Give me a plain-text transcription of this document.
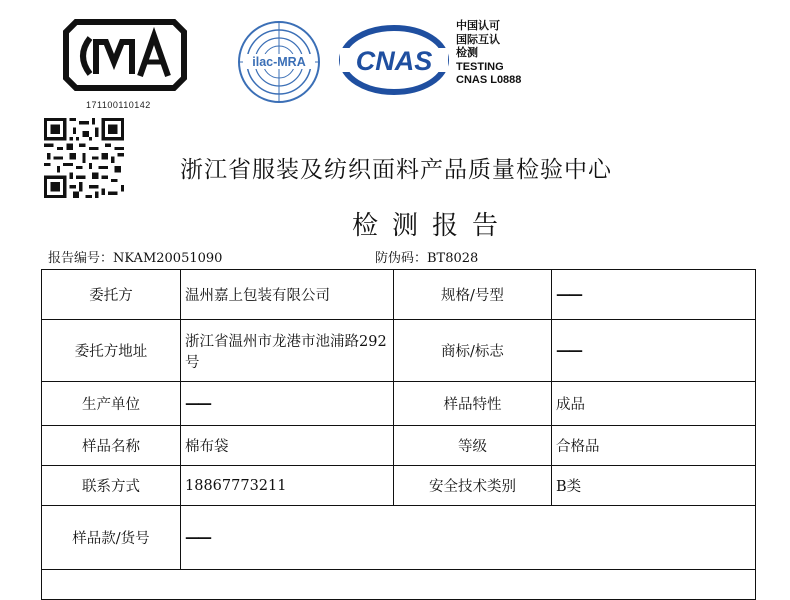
171100110142
ilac-MRA CNAS
中国认可
国际互认
检测
TESTING
CNAS L0888
浙江省服装及纺织面料产品质量检验中心
检测报告
报告编号：NKAM20051090	防伪码：BT8028
委托方	温州嘉上包装有限公司	规格/号型	——
委托方地址	浙江省温州市龙港市池浦路292号	商标/标志	——
生产单位	——	样品特性	成品
样品名称	棉布袋	等级	合格品
联系方式	18867773211	安全技术类别	B类
样品款/货号	——		
